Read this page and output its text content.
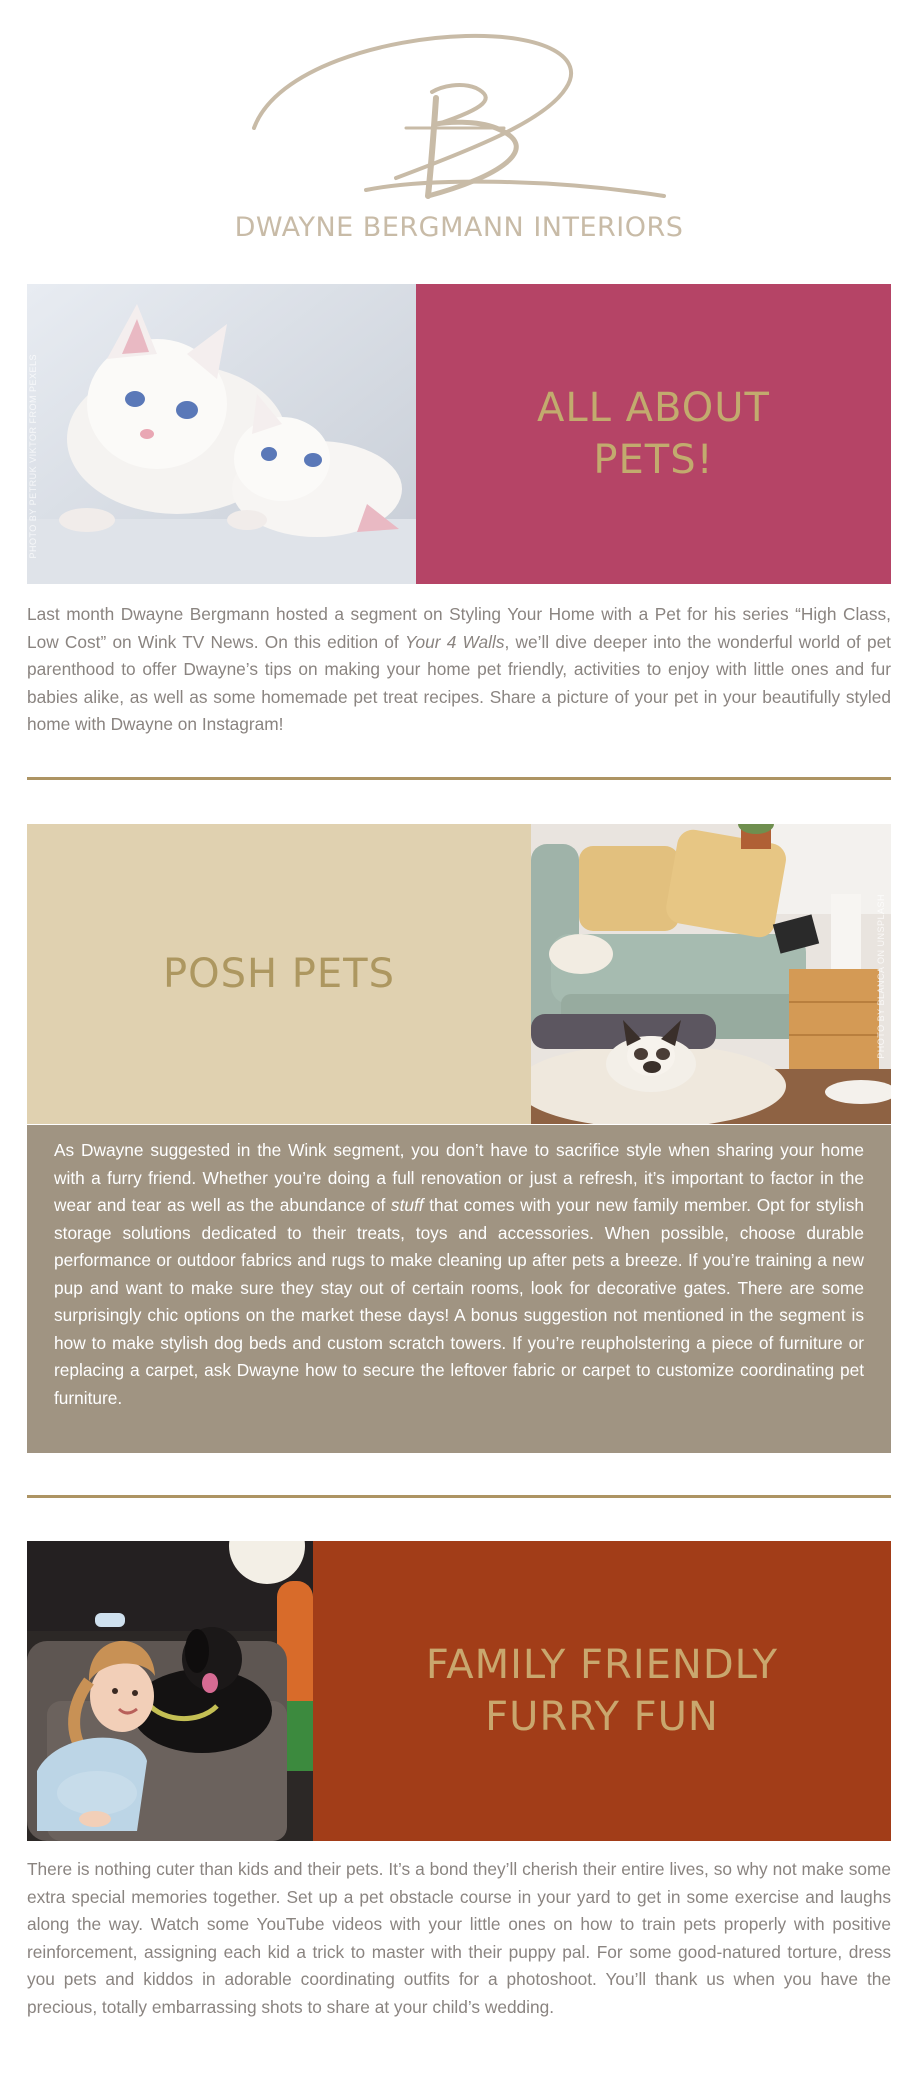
DWAYNE BERGMANN INTERIORS
PHOTO BY PETRUK VIKTOR FROM PEXELS	ALL ABOUT
PETS!

Last month Dwayne Bergmann hosted a segment on Styling Your Home with a Pet for his series “High Class, Low Cost” on Wink TV News. On this edition of Your 4 Walls, we’ll dive deeper into the wonderful world of pet parenthood to offer Dwayne’s tips on making your home pet friendly, activities to enjoy with little ones and fur babies alike, as well as some homemade pet treat recipes. Share a picture of your pet in your beautifully styled home with Dwayne on Instagram!

POSH PETS	PHOTO BY BLANCA ON UNSPLASH

As Dwayne suggested in the Wink segment, you don’t have to sacrifice style when sharing your home with a furry friend. Whether you’re doing a full renovation or just a refresh, it’s important to factor in the wear and tear as well as the abundance of stuff that comes with your new family member. Opt for stylish storage solutions dedicated to their treats, toys and accessories. When possible, choose durable performance or outdoor fabrics and rugs to make cleaning up after pets a breeze. If you’re training a new pup and want to make sure they stay out of certain rooms, look for decorative gates. There are some surprisingly chic options on the market these days! A bonus suggestion not mentioned in the segment is how to make stylish dog beds and custom scratch towers. If you’re reupholstering a piece of furniture or replacing a carpet, ask Dwayne how to secure the leftover fabric or carpet to customize coordinating pet furniture.

FAMILY FRIENDLY
FURRY FUN

There is nothing cuter than kids and their pets. It’s a bond they’ll cherish their entire lives, so why not make some extra special memories together. Set up a pet obstacle course in your yard to get in some exercise and laughs along the way. Watch some YouTube videos with your little ones on how to train pets properly with positive reinforcement, assigning each kid a trick to master with their puppy pal. For some good-natured torture, dress you pets and kiddos in adorable coordinating outfits for a photoshoot. You’ll thank us when you have the precious, totally embarrassing shots to share at your child’s wedding.
